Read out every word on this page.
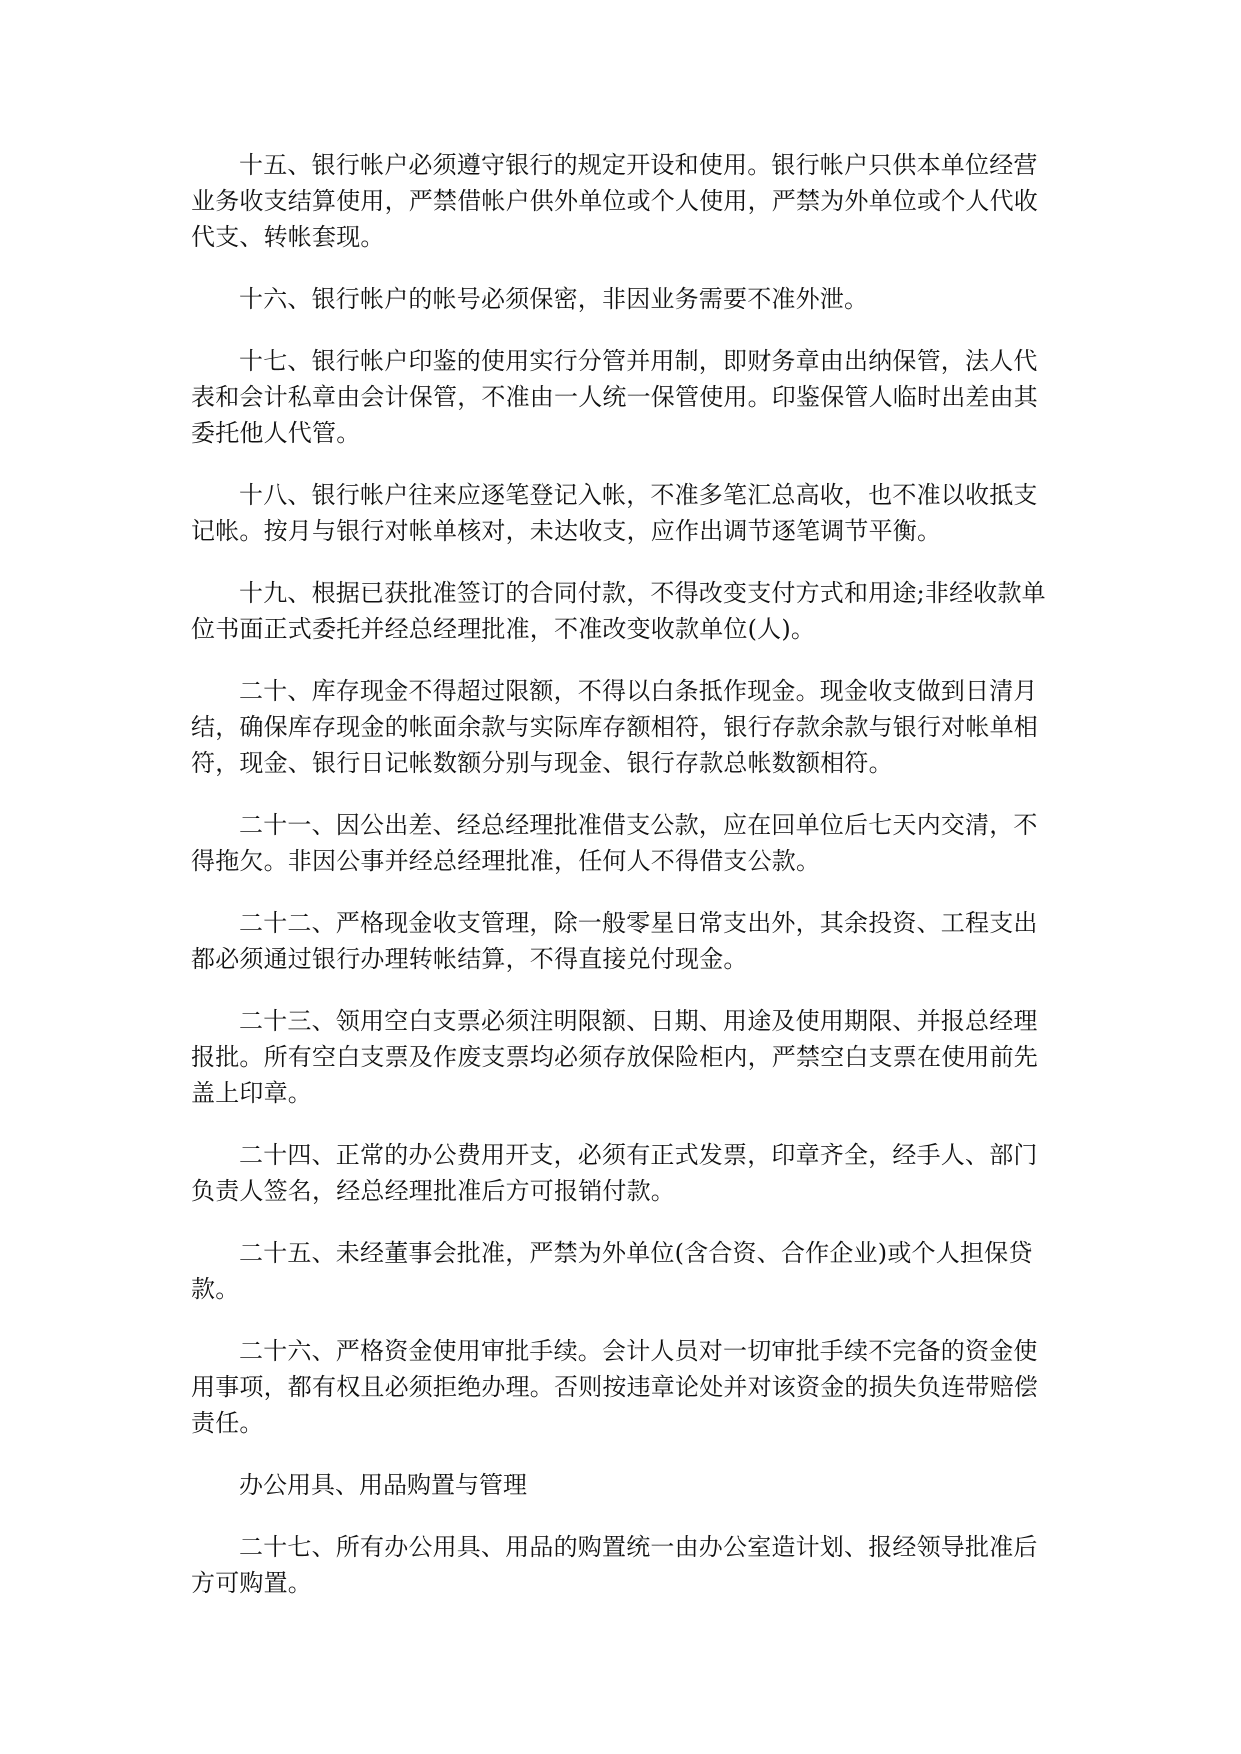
十五、银行帐户必须遵守银行的规定开设和使用。银行帐户只供本单位经营业务收支结算使用，严禁借帐户供外单位或个人使用，严禁为外单位或个人代收代支、转帐套现。

十六、银行帐户的帐号必须保密，非因业务需要不准外泄。

十七、银行帐户印鉴的使用实行分管并用制，即财务章由出纳保管，法人代表和会计私章由会计保管，不准由一人统一保管使用。印鉴保管人临时出差由其委托他人代管。

十八、银行帐户往来应逐笔登记入帐，不准多笔汇总高收，也不准以收抵支记帐。按月与银行对帐单核对，未达收支，应作出调节逐笔调节平衡。

十九、根据已获批准签订的合同付款，不得改变支付方式和用途;非经收款单位书面正式委托并经总经理批准，不准改变收款单位(人)。

二十、库存现金不得超过限额，不得以白条抵作现金。现金收支做到日清月结，确保库存现金的帐面余款与实际库存额相符，银行存款余款与银行对帐单相符，现金、银行日记帐数额分别与现金、银行存款总帐数额相符。

二十一、因公出差、经总经理批准借支公款，应在回单位后七天内交清，不得拖欠。非因公事并经总经理批准，任何人不得借支公款。

二十二、严格现金收支管理，除一般零星日常支出外，其余投资、工程支出都必须通过银行办理转帐结算，不得直接兑付现金。

二十三、领用空白支票必须注明限额、日期、用途及使用期限、并报总经理报批。所有空白支票及作废支票均必须存放保险柜内，严禁空白支票在使用前先盖上印章。

二十四、正常的办公费用开支，必须有正式发票，印章齐全，经手人、部门负责人签名，经总经理批准后方可报销付款。

二十五、未经董事会批准，严禁为外单位(含合资、合作企业)或个人担保贷款。

二十六、严格资金使用审批手续。会计人员对一切审批手续不完备的资金使用事项，都有权且必须拒绝办理。否则按违章论处并对该资金的损失负连带赔偿责任。

办公用具、用品购置与管理

二十七、所有办公用具、用品的购置统一由办公室造计划、报经领导批准后方可购置。
